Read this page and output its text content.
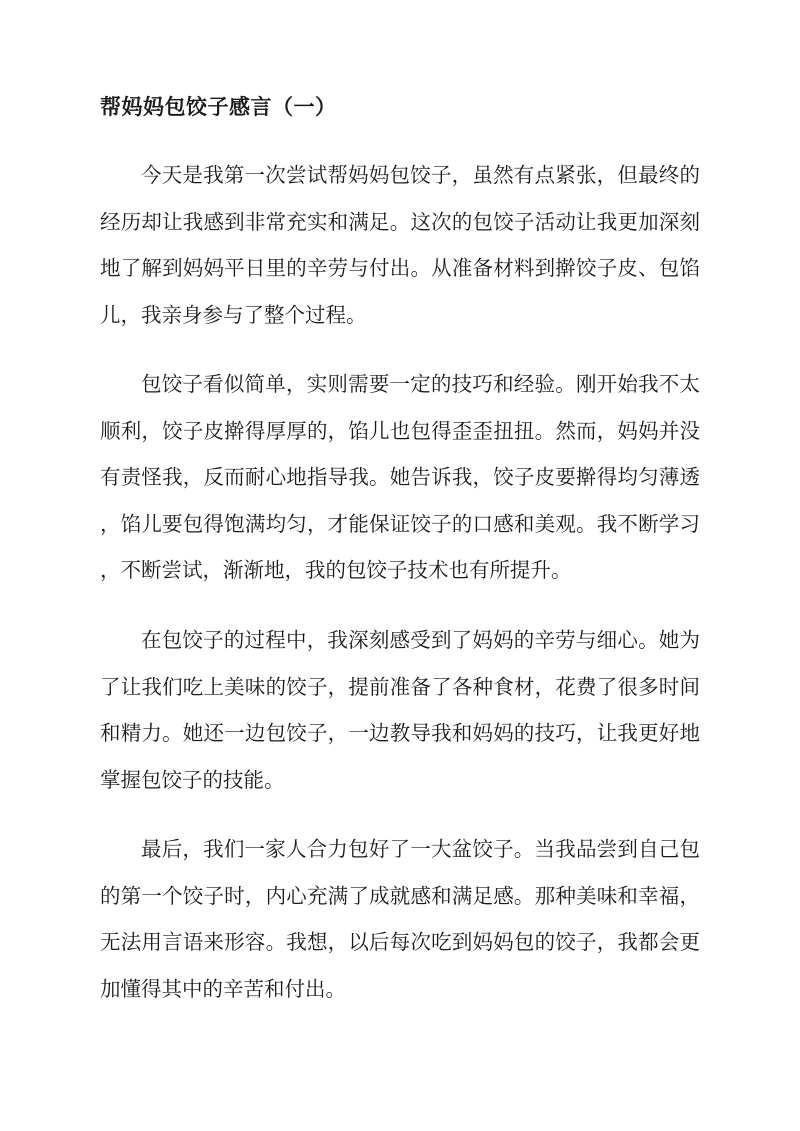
帮妈妈包饺子感言（一）

今天是我第一次尝试帮妈妈包饺子，虽然有点紧张，但最终的经历却让我感到非常充实和满足。这次的包饺子活动让我更加深刻地了解到妈妈平日里的辛劳与付出。从准备材料到擀饺子皮、包馅儿，我亲身参与了整个过程。

包饺子看似简单，实则需要一定的技巧和经验。刚开始我不太顺利，饺子皮擀得厚厚的，馅儿也包得歪歪扭扭。然而，妈妈并没有责怪我，反而耐心地指导我。她告诉我，饺子皮要擀得均匀薄透，馅儿要包得饱满均匀，才能保证饺子的口感和美观。我不断学习，不断尝试，渐渐地，我的包饺子技术也有所提升。

在包饺子的过程中，我深刻感受到了妈妈的辛劳与细心。她为了让我们吃上美味的饺子，提前准备了各种食材，花费了很多时间和精力。她还一边包饺子，一边教导我和妈妈的技巧，让我更好地掌握包饺子的技能。

最后，我们一家人合力包好了一大盆饺子。当我品尝到自己包的第一个饺子时，内心充满了成就感和满足感。那种美味和幸福，无法用言语来形容。我想，以后每次吃到妈妈包的饺子，我都会更加懂得其中的辛苦和付出。
